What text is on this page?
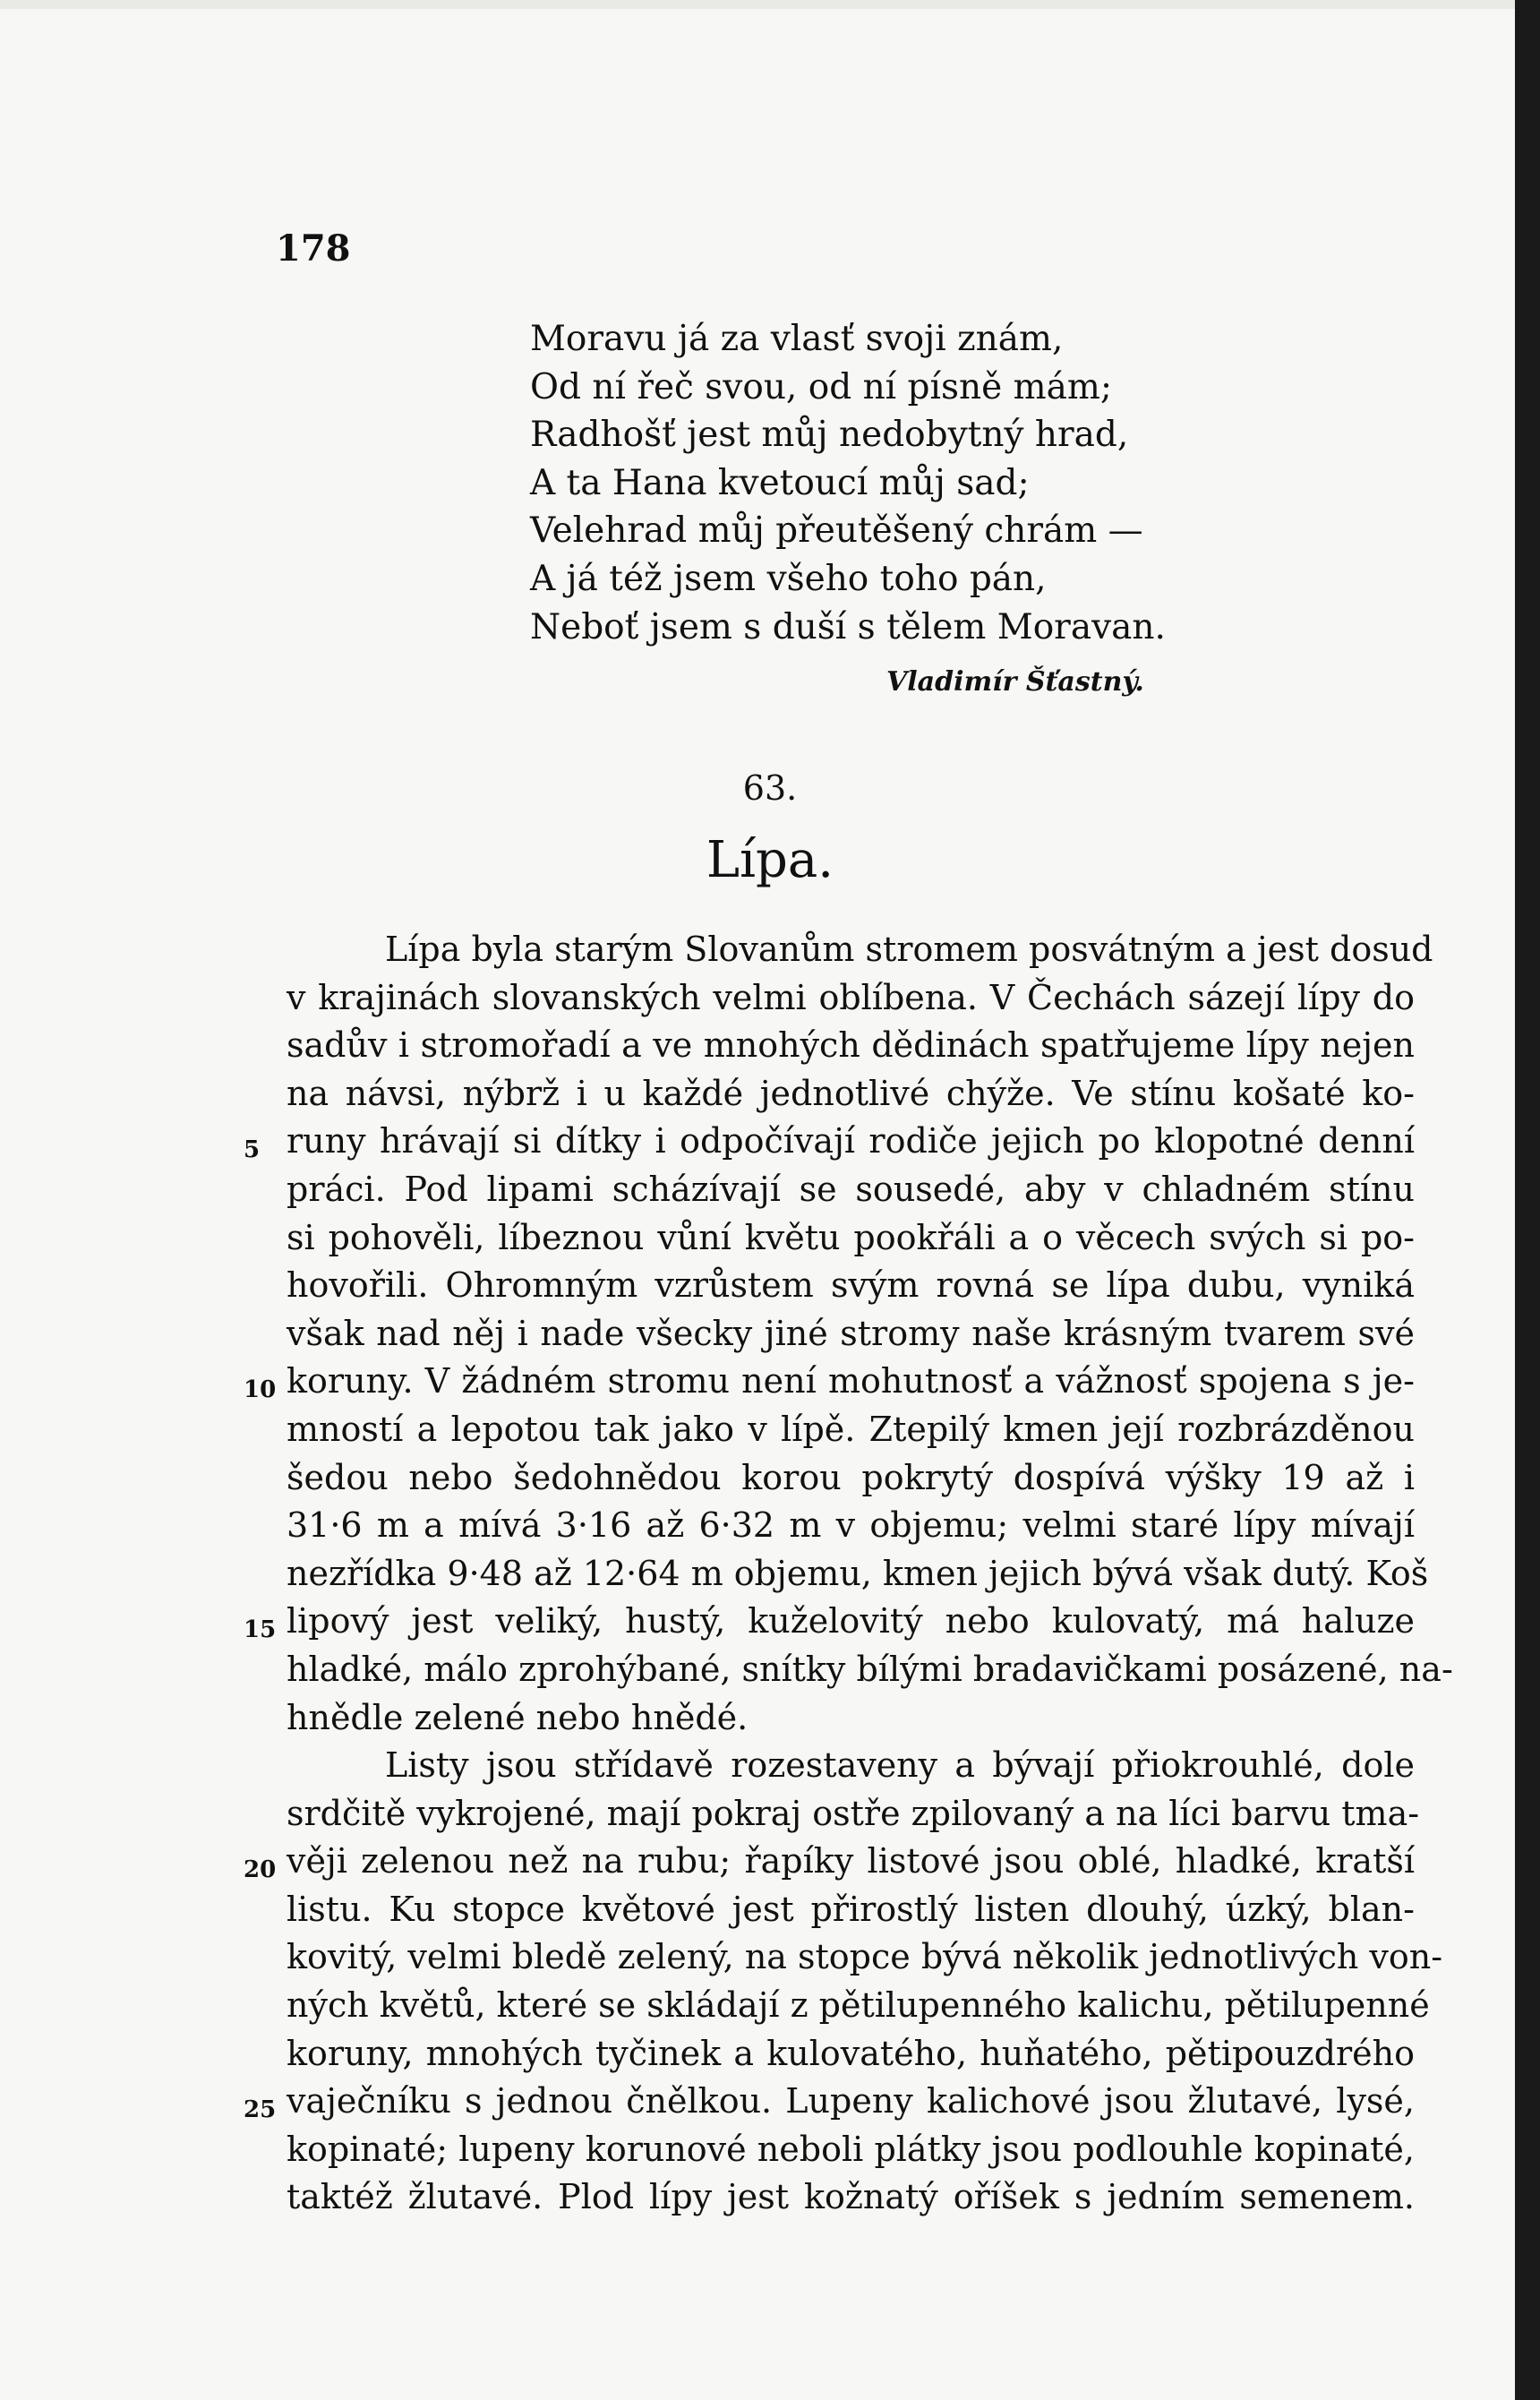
178
Moravu já za vlasť svoji znám,
Od ní řeč svou, od ní písně mám;
Radhošť jest můj nedobytný hrad,
A ta Hana kvetoucí můj sad;
Velehrad můj přeutěšený chrám —
A já též jsem všeho toho pán,
Neboť jsem s duší s tělem Moravan.
Vladimír Šťastný.
63.
Lípa.
Lípa byla starým Slovanům stromem posvátným a jest dosud
v krajinách slovanských velmi oblíbena. V Čechách sázejí lípy do
sadův i stromořadí a ve mnohých dědinách spatřujeme lípy nejen
na návsi, nýbrž i u každé jednotlivé chýže. Ve stínu košaté ko-
5 runy hrávají si dítky i odpočívají rodiče jejich po klopotné denní
práci. Pod lipami scházívají se sousedé, aby v chladném stínu
si pohověli, líbeznou vůní květu pookřáli a o věcech svých si po-
hovořili. Ohromným vzrůstem svým rovná se lípa dubu, vyniká
však nad něj i nade všecky jiné stromy naše krásným tvarem své
10 koruny. V žádném stromu není mohutnosť a vážnosť spojena s je-
mností a lepotou tak jako v lípě. Ztepilý kmen její rozbrázděnou
šedou nebo šedohnědou korou pokrytý dospívá výšky 19 až i
31·6 m a mívá 3·16 až 6·32 m v objemu; velmi staré lípy mívají
nezřídka 9·48 až 12·64 m objemu, kmen jejich bývá však dutý. Koš
15 lipový jest veliký, hustý, kuželovitý nebo kulovatý, má haluze
hladké, málo zprohýbané, snítky bílými bradavičkami posázené, na-
hnědle zelené nebo hnědé.
Listy jsou střídavě rozestaveny a bývají přiokrouhlé, dole
srdčitě vykrojené, mají pokraj ostře zpilovaný a na líci barvu tma-
20 věji zelenou než na rubu; řapíky listové jsou oblé, hladké, kratší
listu. Ku stopce květové jest přirostlý listen dlouhý, úzký, blan-
kovitý, velmi bledě zelený, na stopce bývá několik jednotlivých von-
ných květů, které se skládají z pětilupenného kalichu, pětilupenné
koruny, mnohých tyčinek a kulovatého, huňatého, pětipouzdrého
25 vaječníku s jednou čnělkou. Lupeny kalichové jsou žlutavé, lysé,
kopinaté; lupeny korunové neboli plátky jsou podlouhle kopinaté,
taktéž žlutavé. Plod lípy jest kožnatý oříšek s jedním semenem.
